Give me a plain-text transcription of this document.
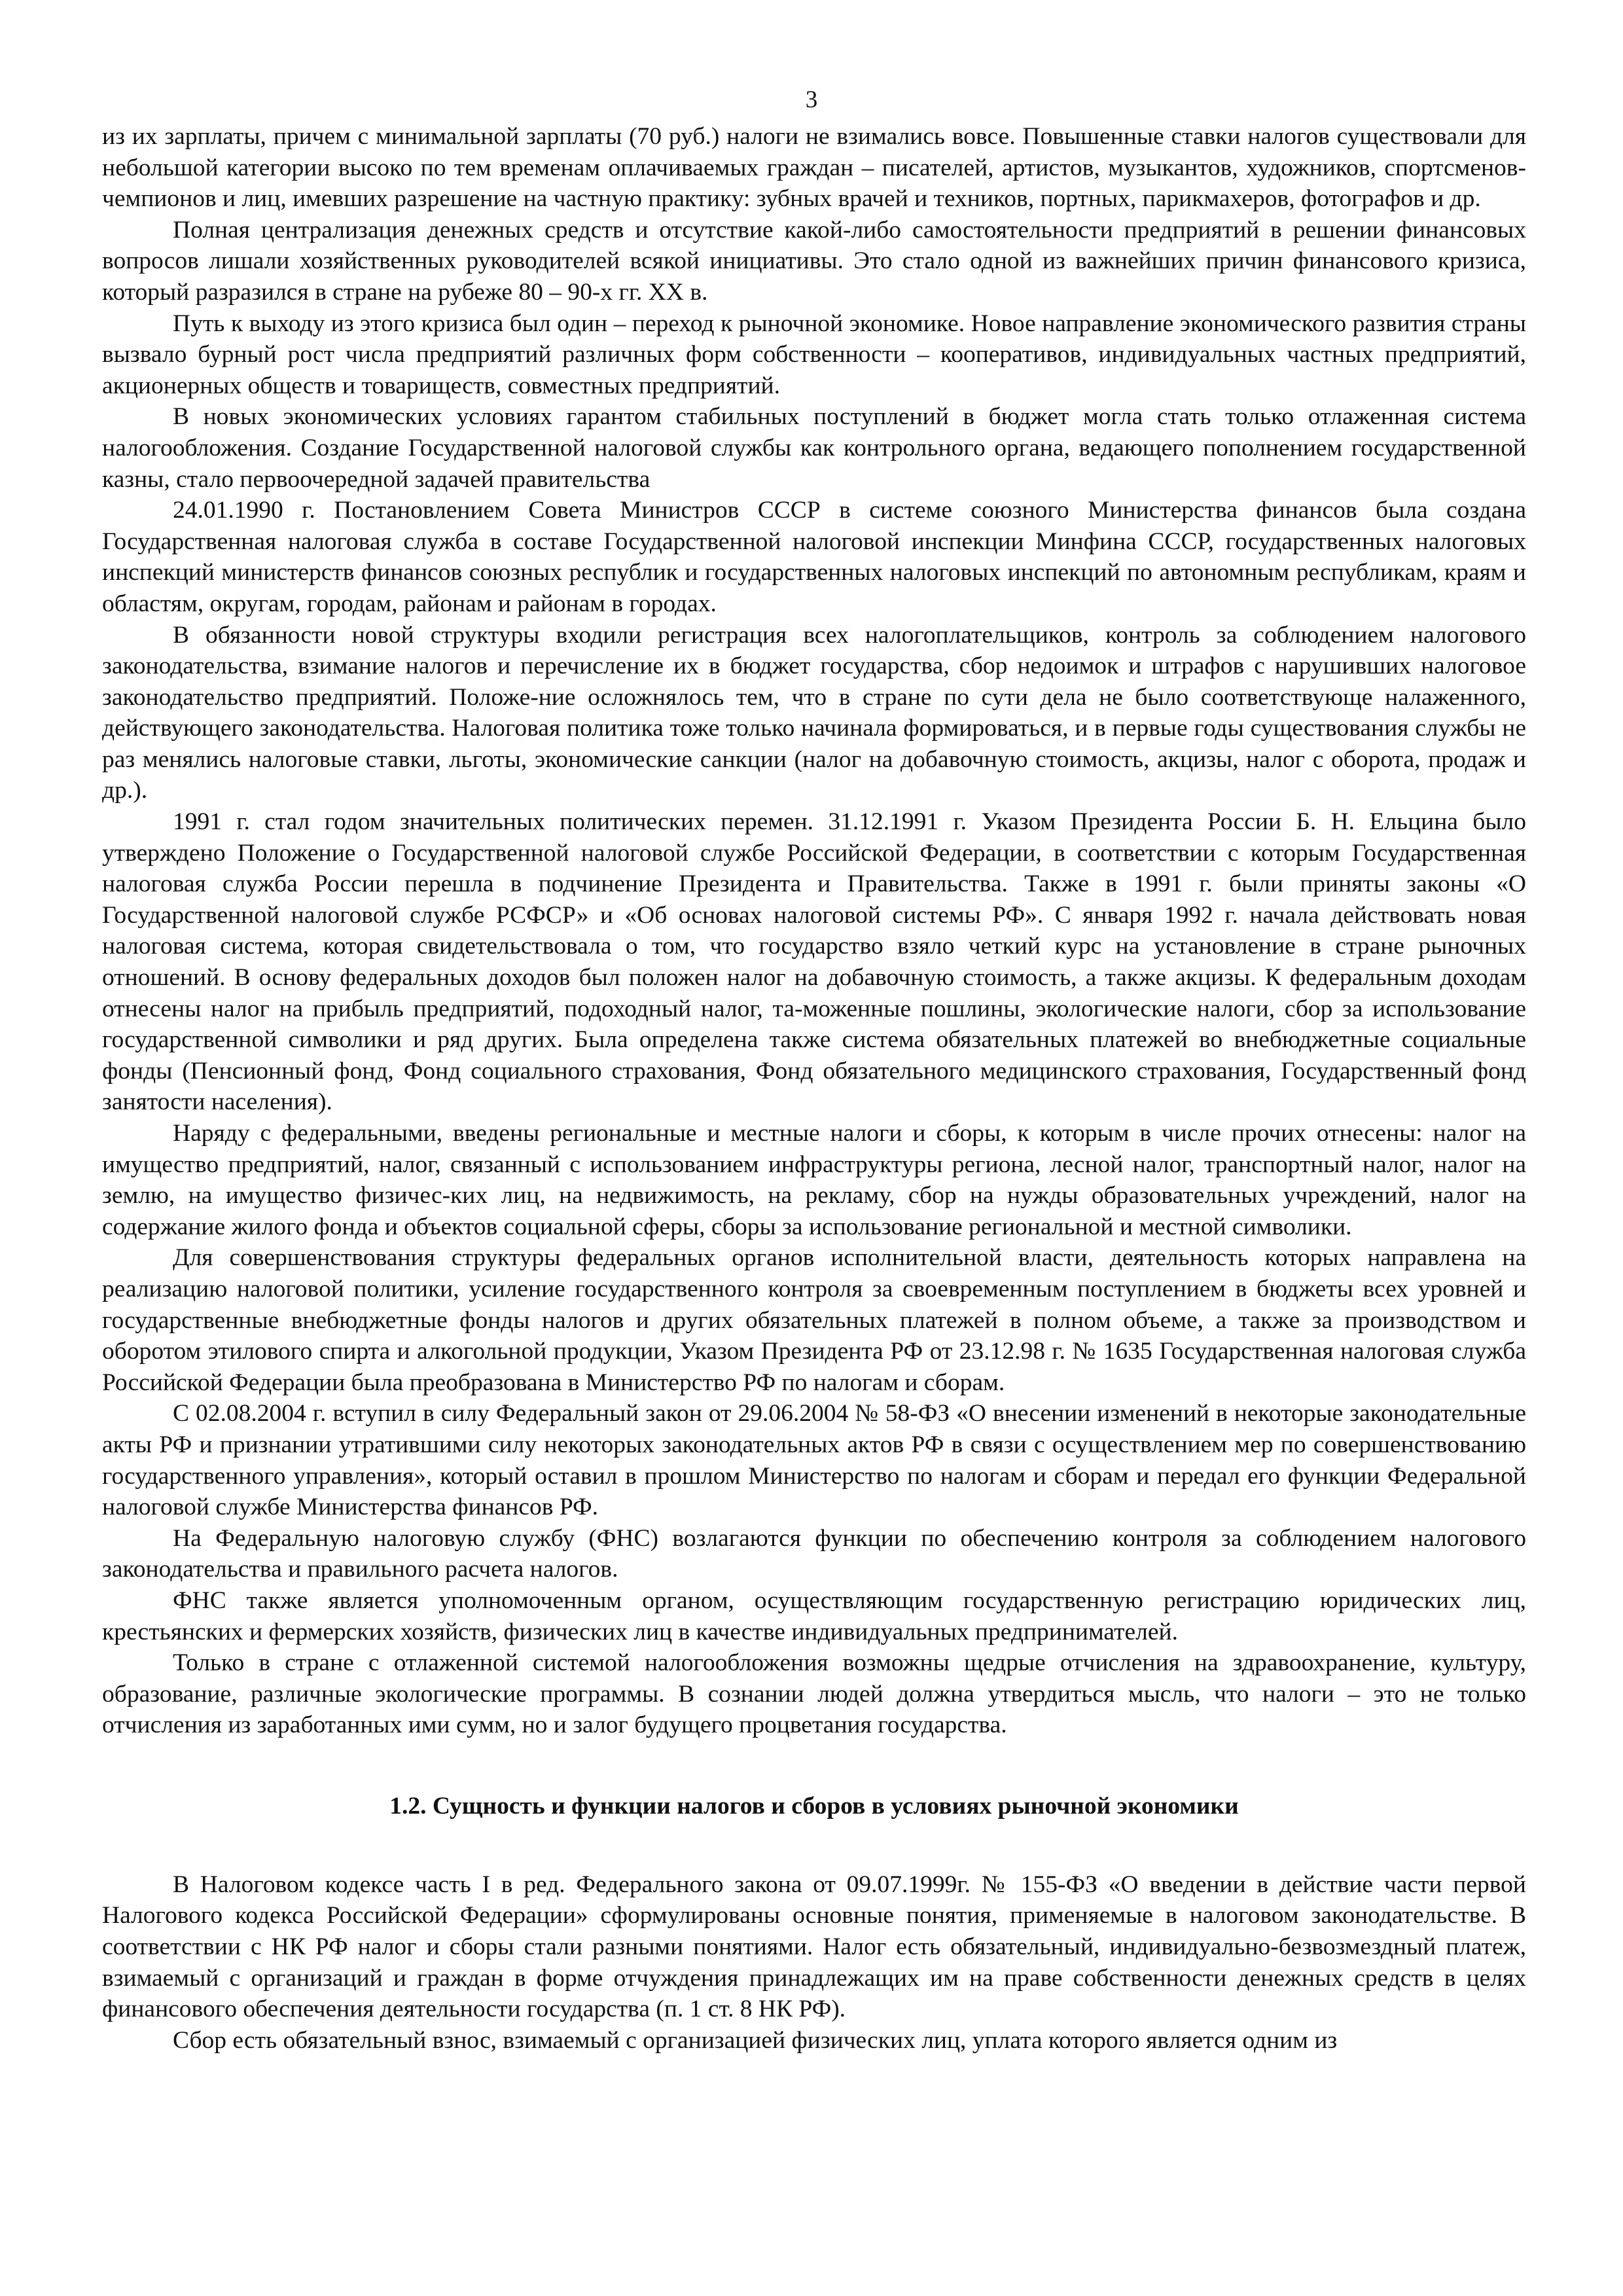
3

из их зарплаты, причем с минимальной зарплаты (70 руб.) налоги не взимались вовсе. Повышенные ставки налогов существовали для небольшой категории высоко по тем временам оплачиваемых граждан – писателей, артистов, музыкантов, художников, спортсменов-чемпионов и лиц, имевших разрешение на частную практику: зубных врачей и техников, портных, парикмахеров, фотографов и др.

Полная централизация денежных средств и отсутствие какой-либо самостоятельности предприятий в решении финансовых вопросов лишали хозяйственных руководителей всякой инициативы. Это стало одной из важнейших причин финансового кризиса, который разразился в стране на рубеже 80 – 90-х гг. XX в.

Путь к выходу из этого кризиса был один – переход к рыночной экономике. Новое направление экономического развития страны вызвало бурный рост числа предприятий различных форм собственности – кооперативов, индивидуальных частных предприятий, акционерных обществ и товариществ, совместных предприятий.

В новых экономических условиях гарантом стабильных поступлений в бюджет могла стать только отлаженная система налогообложения. Создание Государственной налоговой службы как контрольного органа, ведающего пополнением государственной казны, стало первоочередной задачей правительства

24.01.1990 г. Постановлением Совета Министров СССР в системе союзного Министерства финансов была создана Государственная налоговая служба в составе Государственной налоговой инспекции Минфина СССР, государственных налоговых инспекций министерств финансов союзных республик и государственных налоговых инспекций по автономным республикам, краям и областям, округам, городам, районам и районам в городах.

В обязанности новой структуры входили регистрация всех налогоплательщиков, контроль за соблюдением налогового законодательства, взимание налогов и перечисление их в бюджет государства, сбор недоимок и штрафов с нарушивших налоговое законодательство предприятий. Положе-ние осложнялось тем, что в стране по сути дела не было соответствующе налаженного, действующего законодательства. Налоговая политика тоже только начинала формироваться, и в первые годы существования службы не раз менялись налоговые ставки, льготы, экономические санкции (налог на добавочную стоимость, акцизы, налог с оборота, продаж и др.).

1991 г. стал годом значительных политических перемен. 31.12.1991 г. Указом Президента России Б. Н. Ельцина было утверждено Положение о Государственной налоговой службе Российской Федерации, в соответствии с которым Государственная налоговая служба России перешла в подчинение Президента и Правительства. Также в 1991 г. были приняты законы «О Государственной налоговой службе РСФСР» и «Об основах налоговой системы РФ». С января 1992 г. начала действовать новая налоговая система, которая свидетельствовала о том, что государство взяло четкий курс на установление в стране рыночных отношений. В основу федеральных доходов был положен налог на добавочную стоимость, а также акцизы. К федеральным доходам отнесены налог на прибыль предприятий, подоходный налог, та-моженные пошлины, экологические налоги, сбор за использование государственной символики и ряд других. Была определена также система обязательных платежей во внебюджетные социальные фонды (Пенсионный фонд, Фонд социального страхования, Фонд обязательного медицинского страхования, Государственный фонд занятости населения).

Наряду с федеральными, введены региональные и местные налоги и сборы, к которым в числе прочих отнесены: налог на имущество предприятий, налог, связанный с использованием инфраструктуры региона, лесной налог, транспортный налог, налог на землю, на имущество физичес-ких лиц, на недвижимость, на рекламу, сбор на нужды образовательных учреждений, налог на содержание жилого фонда и объектов социальной сферы, сборы за использование региональной и местной символики.

Для совершенствования структуры федеральных органов исполнительной власти, деятельность которых направлена на реализацию налоговой политики, усиление государственного контроля за своевременным поступлением в бюджеты всех уровней и государственные внебюджетные фонды налогов и других обязательных платежей в полном объеме, а также за производством и оборотом этилового спирта и алкогольной продукции, Указом Президента РФ от 23.12.98 г. № 1635 Государственная налоговая служба Российской Федерации была преобразована в Министерство РФ по налогам и сборам.

С 02.08.2004 г. вступил в силу Федеральный закон от 29.06.2004 № 58-ФЗ «О внесении изменений в некоторые законодательные акты РФ и признании утратившими силу некоторых законодательных актов РФ в связи с осуществлением мер по совершенствованию государственного управления», который оставил в прошлом Министерство по налогам и сборам и передал его функции Федеральной налоговой службе Министерства финансов РФ.

На Федеральную налоговую службу (ФНС) возлагаются функции по обеспечению контроля за соблюдением налогового законодательства и правильного расчета налогов.

ФНС также является уполномоченным органом, осуществляющим государственную регистрацию юридических лиц, крестьянских и фермерских хозяйств, физических лиц в качестве индивидуальных предпринимателей.

Только в стране с отлаженной системой налогообложения возможны щедрые отчисления на здравоохранение, культуру, образование, различные экологические программы. В сознании людей должна утвердиться мысль, что налоги – это не только отчисления из заработанных ими сумм, но и залог будущего процветания государства.

1.2. Сущность и функции налогов и сборов в условиях рыночной экономики

В Налоговом кодексе часть I в ред. Федерального закона от 09.07.1999г. № 155-ФЗ «О введении в действие части первой Налогового кодекса Российской Федерации» сформулированы основные понятия, применяемые в налоговом законодательстве. В соответствии с НК РФ налог и сборы стали разными понятиями. Налог есть обязательный, индивидуально-безвозмездный платеж, взимаемый с организаций и граждан в форме отчуждения принадлежащих им на праве собственности денежных средств в целях финансового обеспечения деятельности государства (п. 1 ст. 8 НК РФ).

Сбор есть обязательный взнос, взимаемый с организацией физических лиц, уплата которого является одним из
